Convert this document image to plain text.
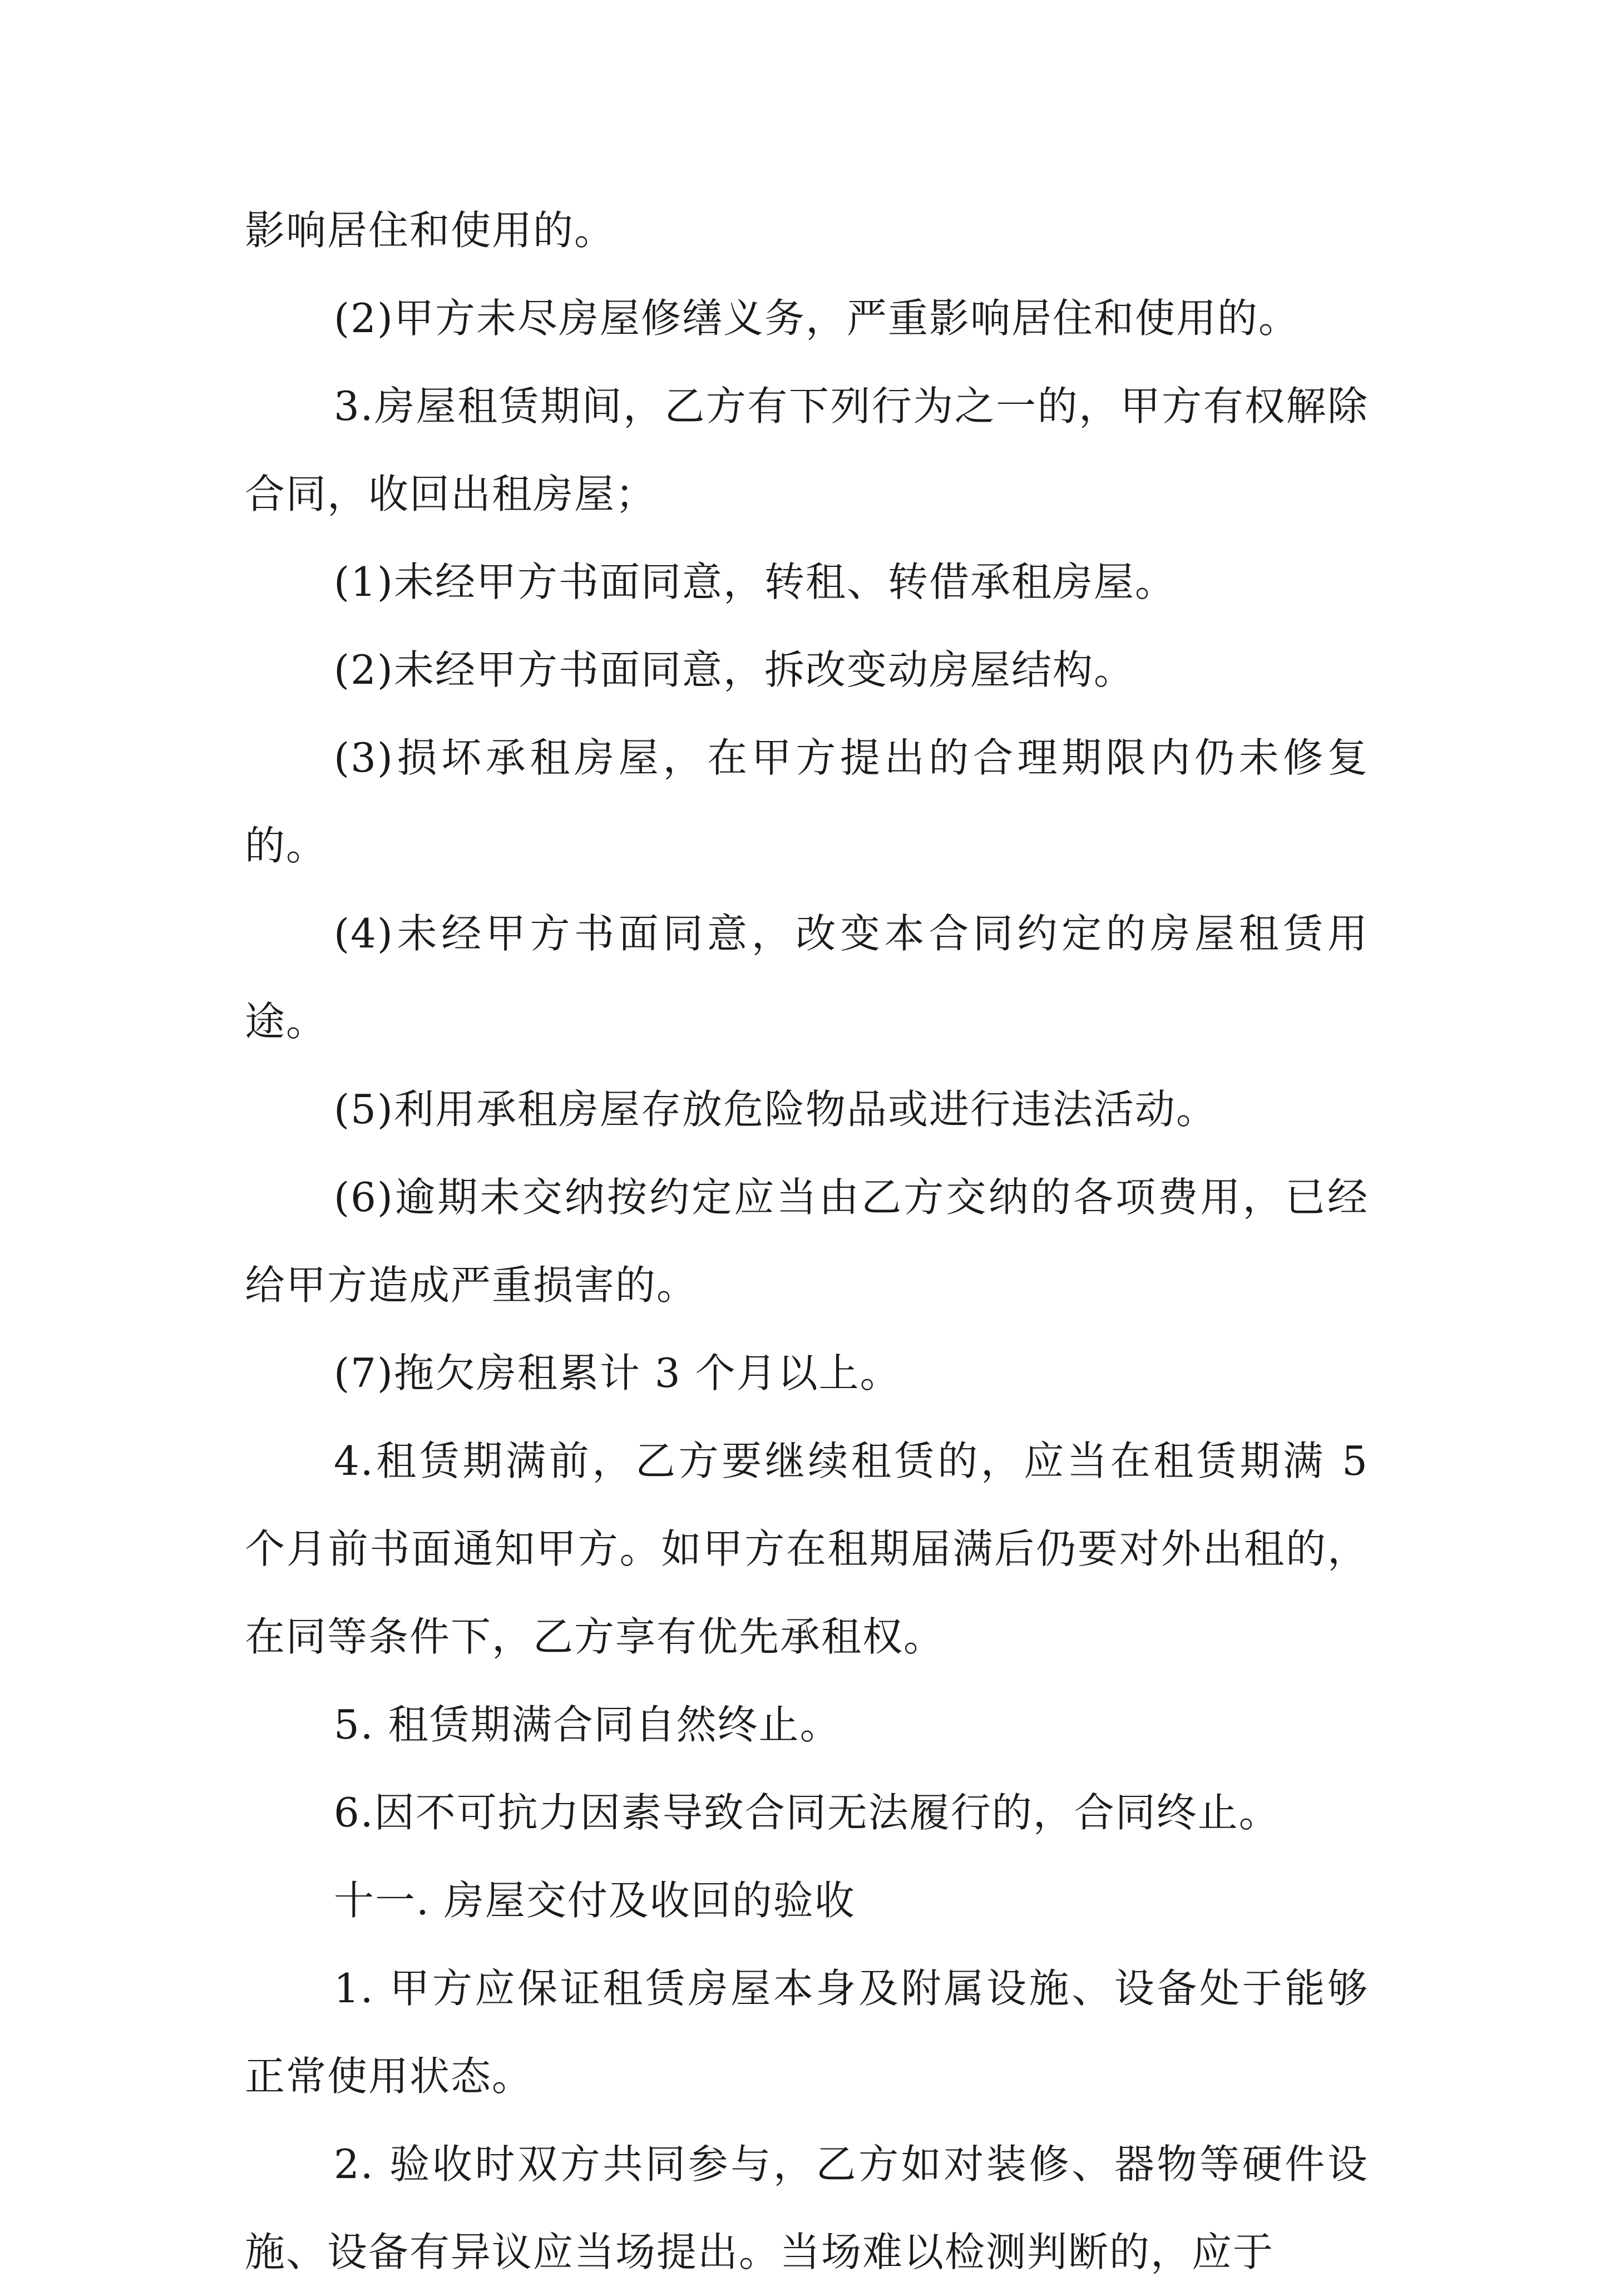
影响居住和使用的。

(2)甲方未尽房屋修缮义务，严重影响居住和使用的。

3.房屋租赁期间，乙方有下列行为之一的，甲方有权解除合同，收回出租房屋；

(1)未经甲方书面同意，转租、转借承租房屋。

(2)未经甲方书面同意，拆改变动房屋结构。

(3)损坏承租房屋，在甲方提出的合理期限内仍未修复的。

(4)未经甲方书面同意，改变本合同约定的房屋租赁用途。

(5)利用承租房屋存放危险物品或进行违法活动。

(6)逾期未交纳按约定应当由乙方交纳的各项费用，已经给甲方造成严重损害的。

(7)拖欠房租累计 3 个月以上。

4.租赁期满前，乙方要继续租赁的，应当在租赁期满 5 个月前书面通知甲方。如甲方在租期届满后仍要对外出租的，在同等条件下，乙方享有优先承租权。

5. 租赁期满合同自然终止。

6.因不可抗力因素导致合同无法履行的，合同终止。

十一. 房屋交付及收回的验收

1. 甲方应保证租赁房屋本身及附属设施、设备处于能够正常使用状态。

2. 验收时双方共同参与，乙方如对装修、器物等硬件设施、设备有异议应当场提出。当场难以检测判断的，应于
